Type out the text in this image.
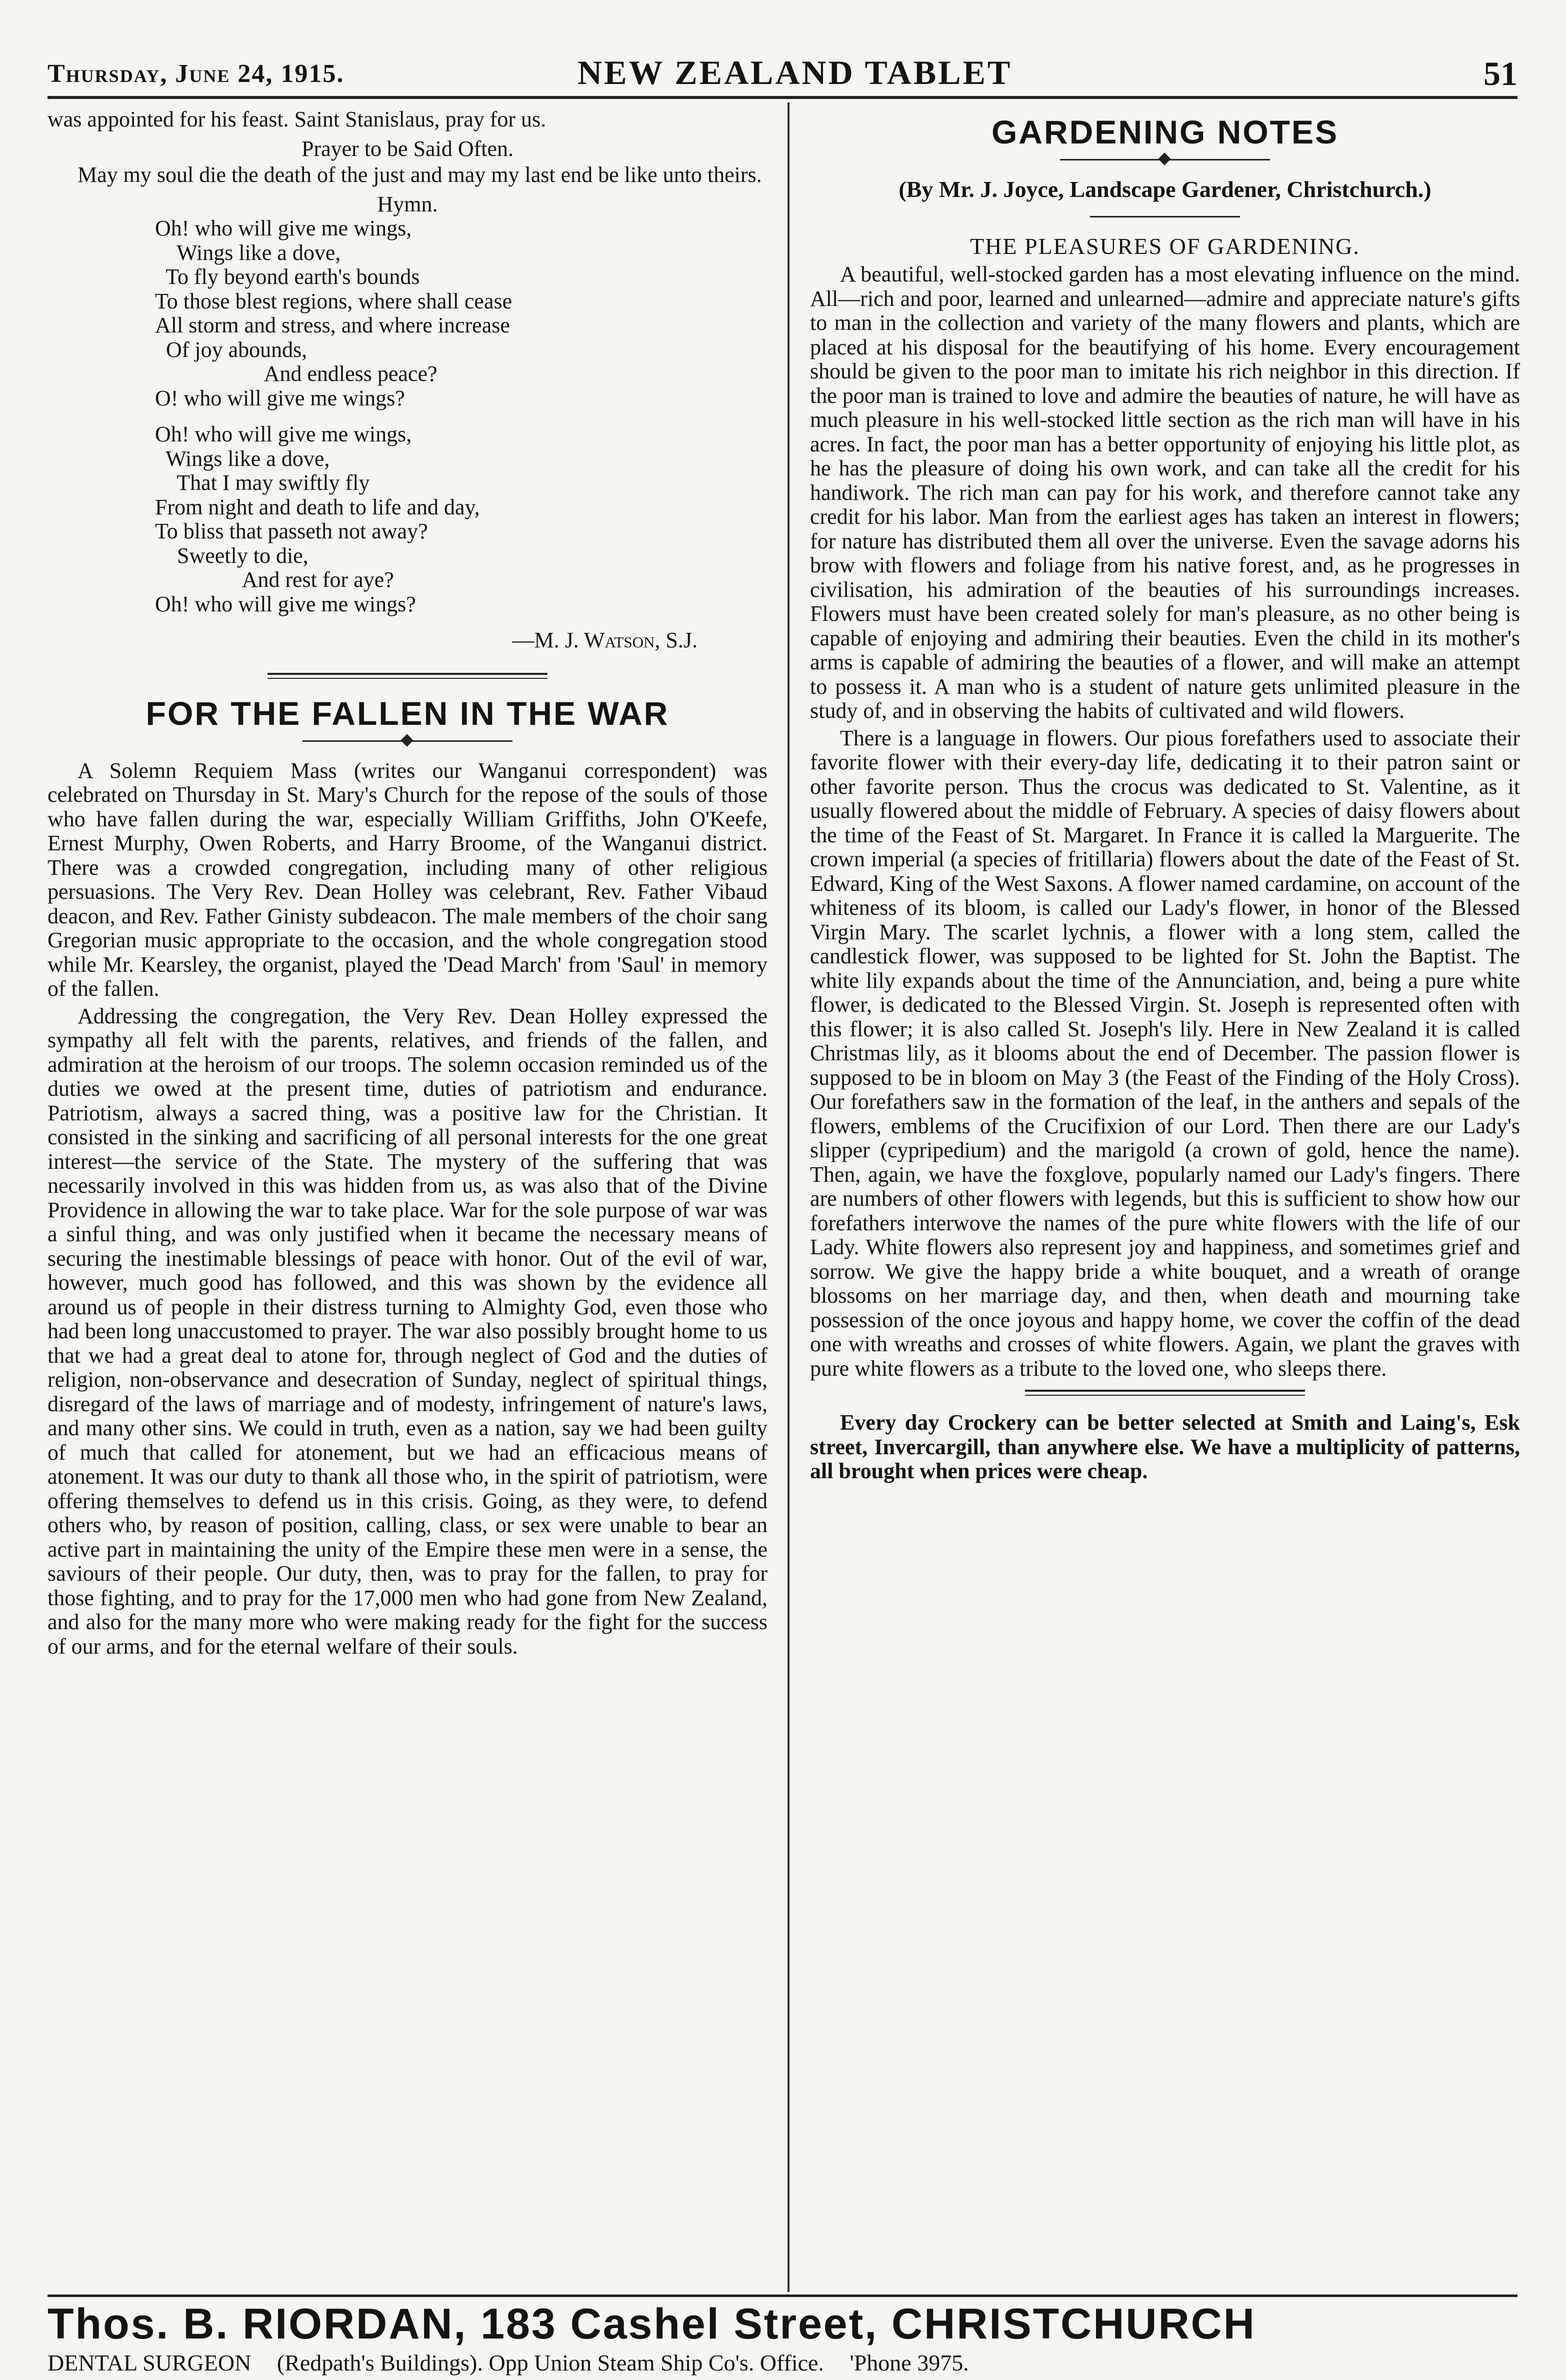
Thursday, June 24, 1915.	NEW ZEALAND TABLET	51

was appointed for his feast. Saint Stanislaus, pray for us.

Prayer to be Said Often.

May my soul die the death of the just and may my last end be like unto theirs.

Hymn.
Oh! who will give me wings,
Wings like a dove,
To fly beyond earth's bounds
To those blest regions, where shall cease
All storm and stress, and where increase
Of joy abounds,
And endless peace?
O! who will give me wings?
Oh! who will give me wings,
Wings like a dove,
That I may swiftly fly
From night and death to life and day,
To bliss that passeth not away?
Sweetly to die,
And rest for aye?
Oh! who will give me wings?
—M. J. Watson, S.J.
FOR THE FALLEN IN THE WAR

A Solemn Requiem Mass (writes our Wanganui correspondent) was celebrated on Thursday in St. Mary's Church for the repose of the souls of those who have fallen during the war, especially William Griffiths, John O'Keefe, Ernest Murphy, Owen Roberts, and Harry Broome, of the Wanganui district. There was a crowded congregation, including many of other religious persuasions. The Very Rev. Dean Holley was celebrant, Rev. Father Vibaud deacon, and Rev. Father Ginisty subdeacon. The male members of the choir sang Gregorian music appropriate to the occasion, and the whole congregation stood while Mr. Kearsley, the organist, played the 'Dead March' from 'Saul' in memory of the fallen.

Addressing the congregation, the Very Rev. Dean Holley expressed the sympathy all felt with the parents, relatives, and friends of the fallen, and admiration at the heroism of our troops. The solemn occasion reminded us of the duties we owed at the present time, duties of patriotism and endurance. Patriotism, always a sacred thing, was a positive law for the Christian. It consisted in the sinking and sacrificing of all personal interests for the one great interest—the service of the State. The mystery of the suffering that was necessarily involved in this was hidden from us, as was also that of the Divine Providence in allowing the war to take place. War for the sole purpose of war was a sinful thing, and was only justified when it became the necessary means of securing the inestimable blessings of peace with honor. Out of the evil of war, however, much good has followed, and this was shown by the evidence all around us of people in their distress turning to Almighty God, even those who had been long unaccustomed to prayer. The war also possibly brought home to us that we had a great deal to atone for, through neglect of God and the duties of religion, non-observance and desecration of Sunday, neglect of spiritual things, disregard of the laws of marriage and of modesty, infringement of nature's laws, and many other sins. We could in truth, even as a nation, say we had been guilty of much that called for atonement, but we had an efficacious means of atonement. It was our duty to thank all those who, in the spirit of patriotism, were offering themselves to defend us in this crisis. Going, as they were, to defend others who, by reason of position, calling, class, or sex were unable to bear an active part in maintaining the unity of the Empire these men were in a sense, the saviours of their people. Our duty, then, was to pray for the fallen, to pray for those fighting, and to pray for the 17,000 men who had gone from New Zealand, and also for the many more who were making ready for the fight for the success of our arms, and for the eternal welfare of their souls.

GARDENING NOTES
(By Mr. J. Joyce, Landscape Gardener, Christchurch.)
THE PLEASURES OF GARDENING.

A beautiful, well-stocked garden has a most elevating influence on the mind. All—rich and poor, learned and unlearned—admire and appreciate nature's gifts to man in the collection and variety of the many flowers and plants, which are placed at his disposal for the beautifying of his home. Every encouragement should be given to the poor man to imitate his rich neighbor in this direction. If the poor man is trained to love and admire the beauties of nature, he will have as much pleasure in his well-stocked little section as the rich man will have in his acres. In fact, the poor man has a better opportunity of enjoying his little plot, as he has the pleasure of doing his own work, and can take all the credit for his handiwork. The rich man can pay for his work, and therefore cannot take any credit for his labor. Man from the earliest ages has taken an interest in flowers; for nature has distributed them all over the universe. Even the savage adorns his brow with flowers and foliage from his native forest, and, as he progresses in civilisation, his admiration of the beauties of his surroundings increases. Flowers must have been created solely for man's pleasure, as no other being is capable of enjoying and admiring their beauties. Even the child in its mother's arms is capable of admiring the beauties of a flower, and will make an attempt to possess it. A man who is a student of nature gets unlimited pleasure in the study of, and in observing the habits of cultivated and wild flowers.

There is a language in flowers. Our pious forefathers used to associate their favorite flower with their every-day life, dedicating it to their patron saint or other favorite person. Thus the crocus was dedicated to St. Valentine, as it usually flowered about the middle of February. A species of daisy flowers about the time of the Feast of St. Margaret. In France it is called la Marguerite. The crown imperial (a species of fritillaria) flowers about the date of the Feast of St. Edward, King of the West Saxons. A flower named cardamine, on account of the whiteness of its bloom, is called our Lady's flower, in honor of the Blessed Virgin Mary. The scarlet lychnis, a flower with a long stem, called the candlestick flower, was supposed to be lighted for St. John the Baptist. The white lily expands about the time of the Annunciation, and, being a pure white flower, is dedicated to the Blessed Virgin. St. Joseph is represented often with this flower; it is also called St. Joseph's lily. Here in New Zealand it is called Christmas lily, as it blooms about the end of December. The passion flower is supposed to be in bloom on May 3 (the Feast of the Finding of the Holy Cross). Our forefathers saw in the formation of the leaf, in the anthers and sepals of the flowers, emblems of the Crucifixion of our Lord. Then there are our Lady's slipper (cypripedium) and the marigold (a crown of gold, hence the name). Then, again, we have the foxglove, popularly named our Lady's fingers. There are numbers of other flowers with legends, but this is sufficient to show how our forefathers interwove the names of the pure white flowers with the life of our Lady. White flowers also represent joy and happiness, and sometimes grief and sorrow. We give the happy bride a white bouquet, and a wreath of orange blossoms on her marriage day, and then, when death and mourning take possession of the once joyous and happy home, we cover the coffin of the dead one with wreaths and crosses of white flowers. Again, we plant the graves with pure white flowers as a tribute to the loved one, who sleeps there.

Every day Crockery can be better selected at Smith and Laing's, Esk street, Invercargill, than anywhere else. We have a multiplicity of patterns, all brought when prices were cheap.

Thos. B. RIORDAN, 183 Cashel Street, CHRISTCHURCH
DENTAL SURGEON (Redpath's Buildings). Opp Union Steam Ship Co's. Office. 'Phone 3975.
